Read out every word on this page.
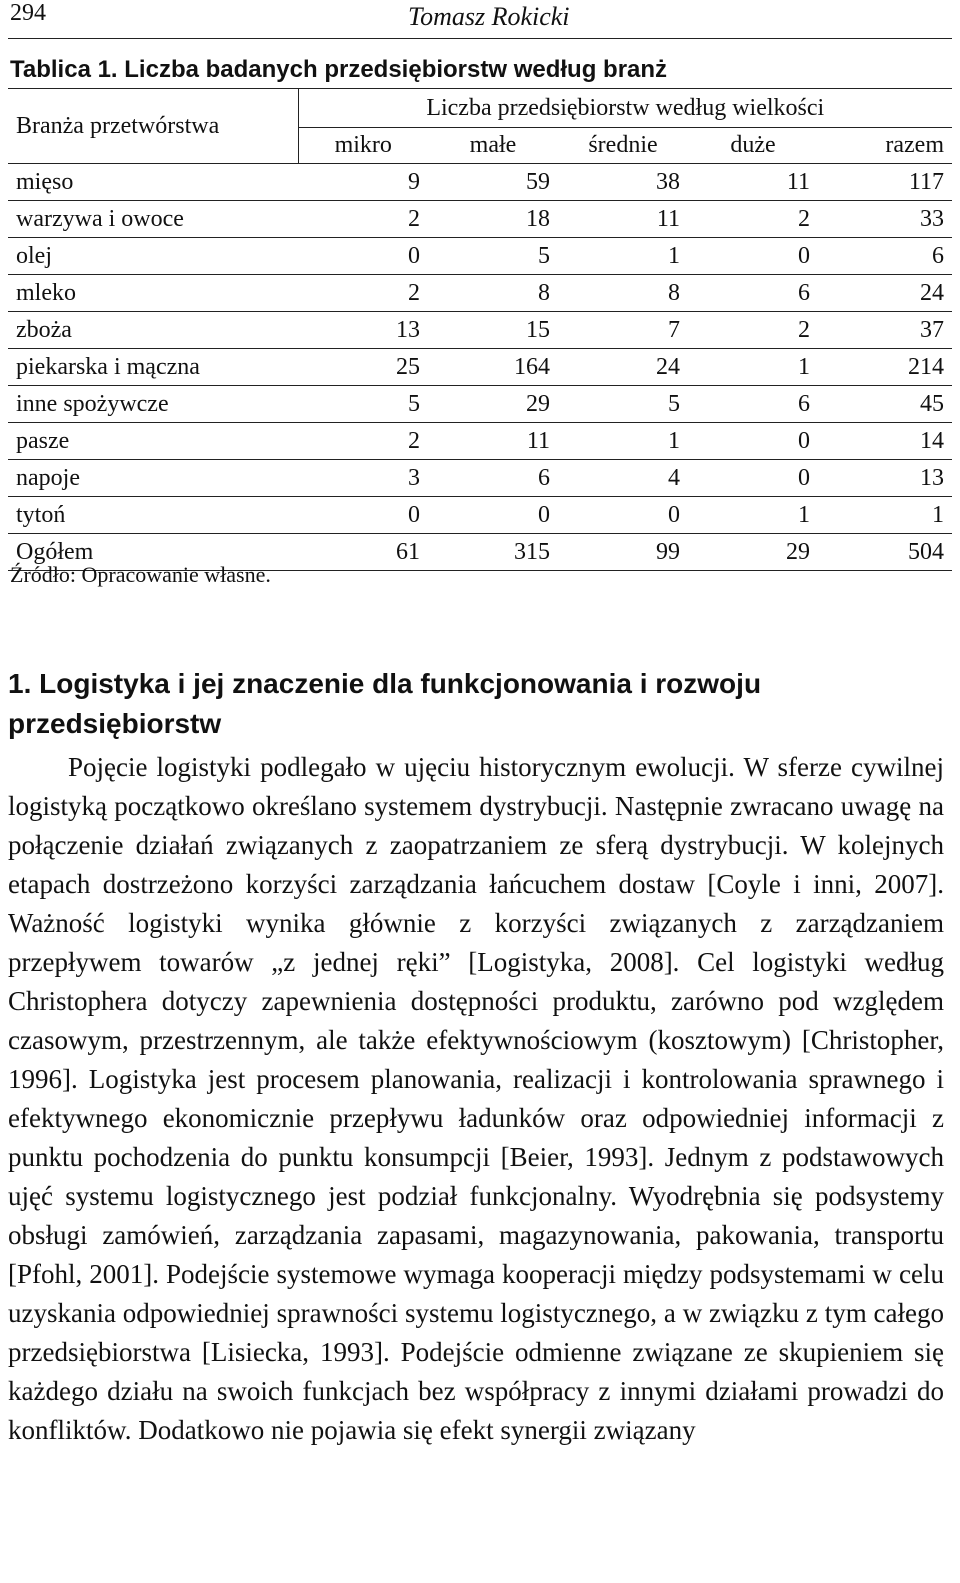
294	Tomasz Rokicki
Tablica 1. Liczba badanych przedsiębiorstw według branż
Branża przetwórstwa	Liczba przedsiębiorstw według wielkości				
	mikro	małe	średnie	duże	razem
mięso	9	59	38	11	117
warzywa i owoce	2	18	11	2	33
olej	0	5	1	0	6
mleko	2	8	8	6	24
zboża	13	15	7	2	37
piekarska i mączna	25	164	24	1	214
inne spożywcze	5	29	5	6	45
pasze	2	11	1	0	14
napoje	3	6	4	0	13
tytoń	0	0	0	1	1
Ogółem	61	315	99	29	504
Źródło: Opracowanie własne.
1. Logistyka i jej znaczenie dla funkcjonowania i rozwoju przedsiębiorstw
Pojęcie logistyki podlegało w ujęciu historycznym ewolucji. W sferze cywilnej logistyką początkowo określano systemem dystrybucji. Następnie zwracano uwagę na połączenie działań związanych z zaopatrzaniem ze sferą dystrybucji. W kolejnych etapach dostrzeżono korzyści zarządzania łańcuchem dostaw [Coyle i inni, 2007]. Ważność logistyki wynika głównie z korzyści związanych z zarządzaniem przepływem towarów „z jednej ręki” [Logistyka, 2008]. Cel logistyki według Christophera dotyczy zapewnienia dostępności produktu, zarówno pod względem czasowym, przestrzennym, ale także efektywnościowym (kosztowym) [Christopher, 1996]. Logistyka jest procesem planowania, realizacji i kontrolowania sprawnego i efektywnego ekonomicznie przepływu ładunków oraz odpowiedniej informacji z punktu pochodzenia do punktu konsumpcji [Beier, 1993]. Jednym z podstawowych ujęć systemu logistycznego jest podział funkcjonalny. Wyodrębnia się podsystemy obsługi zamówień, zarządzania zapasami, magazynowania, pakowania, transportu [Pfohl, 2001]. Podejście systemowe wymaga kooperacji między podsystemami w celu uzyskania odpowiedniej sprawności systemu logistycznego, a w związku z tym całego przedsiębiorstwa [Lisiecka, 1993]. Podejście odmienne związane ze skupieniem się każdego działu na swoich funkcjach bez współpracy z innymi działami prowadzi do konfliktów. Dodatkowo nie pojawia się efekt synergii związany
